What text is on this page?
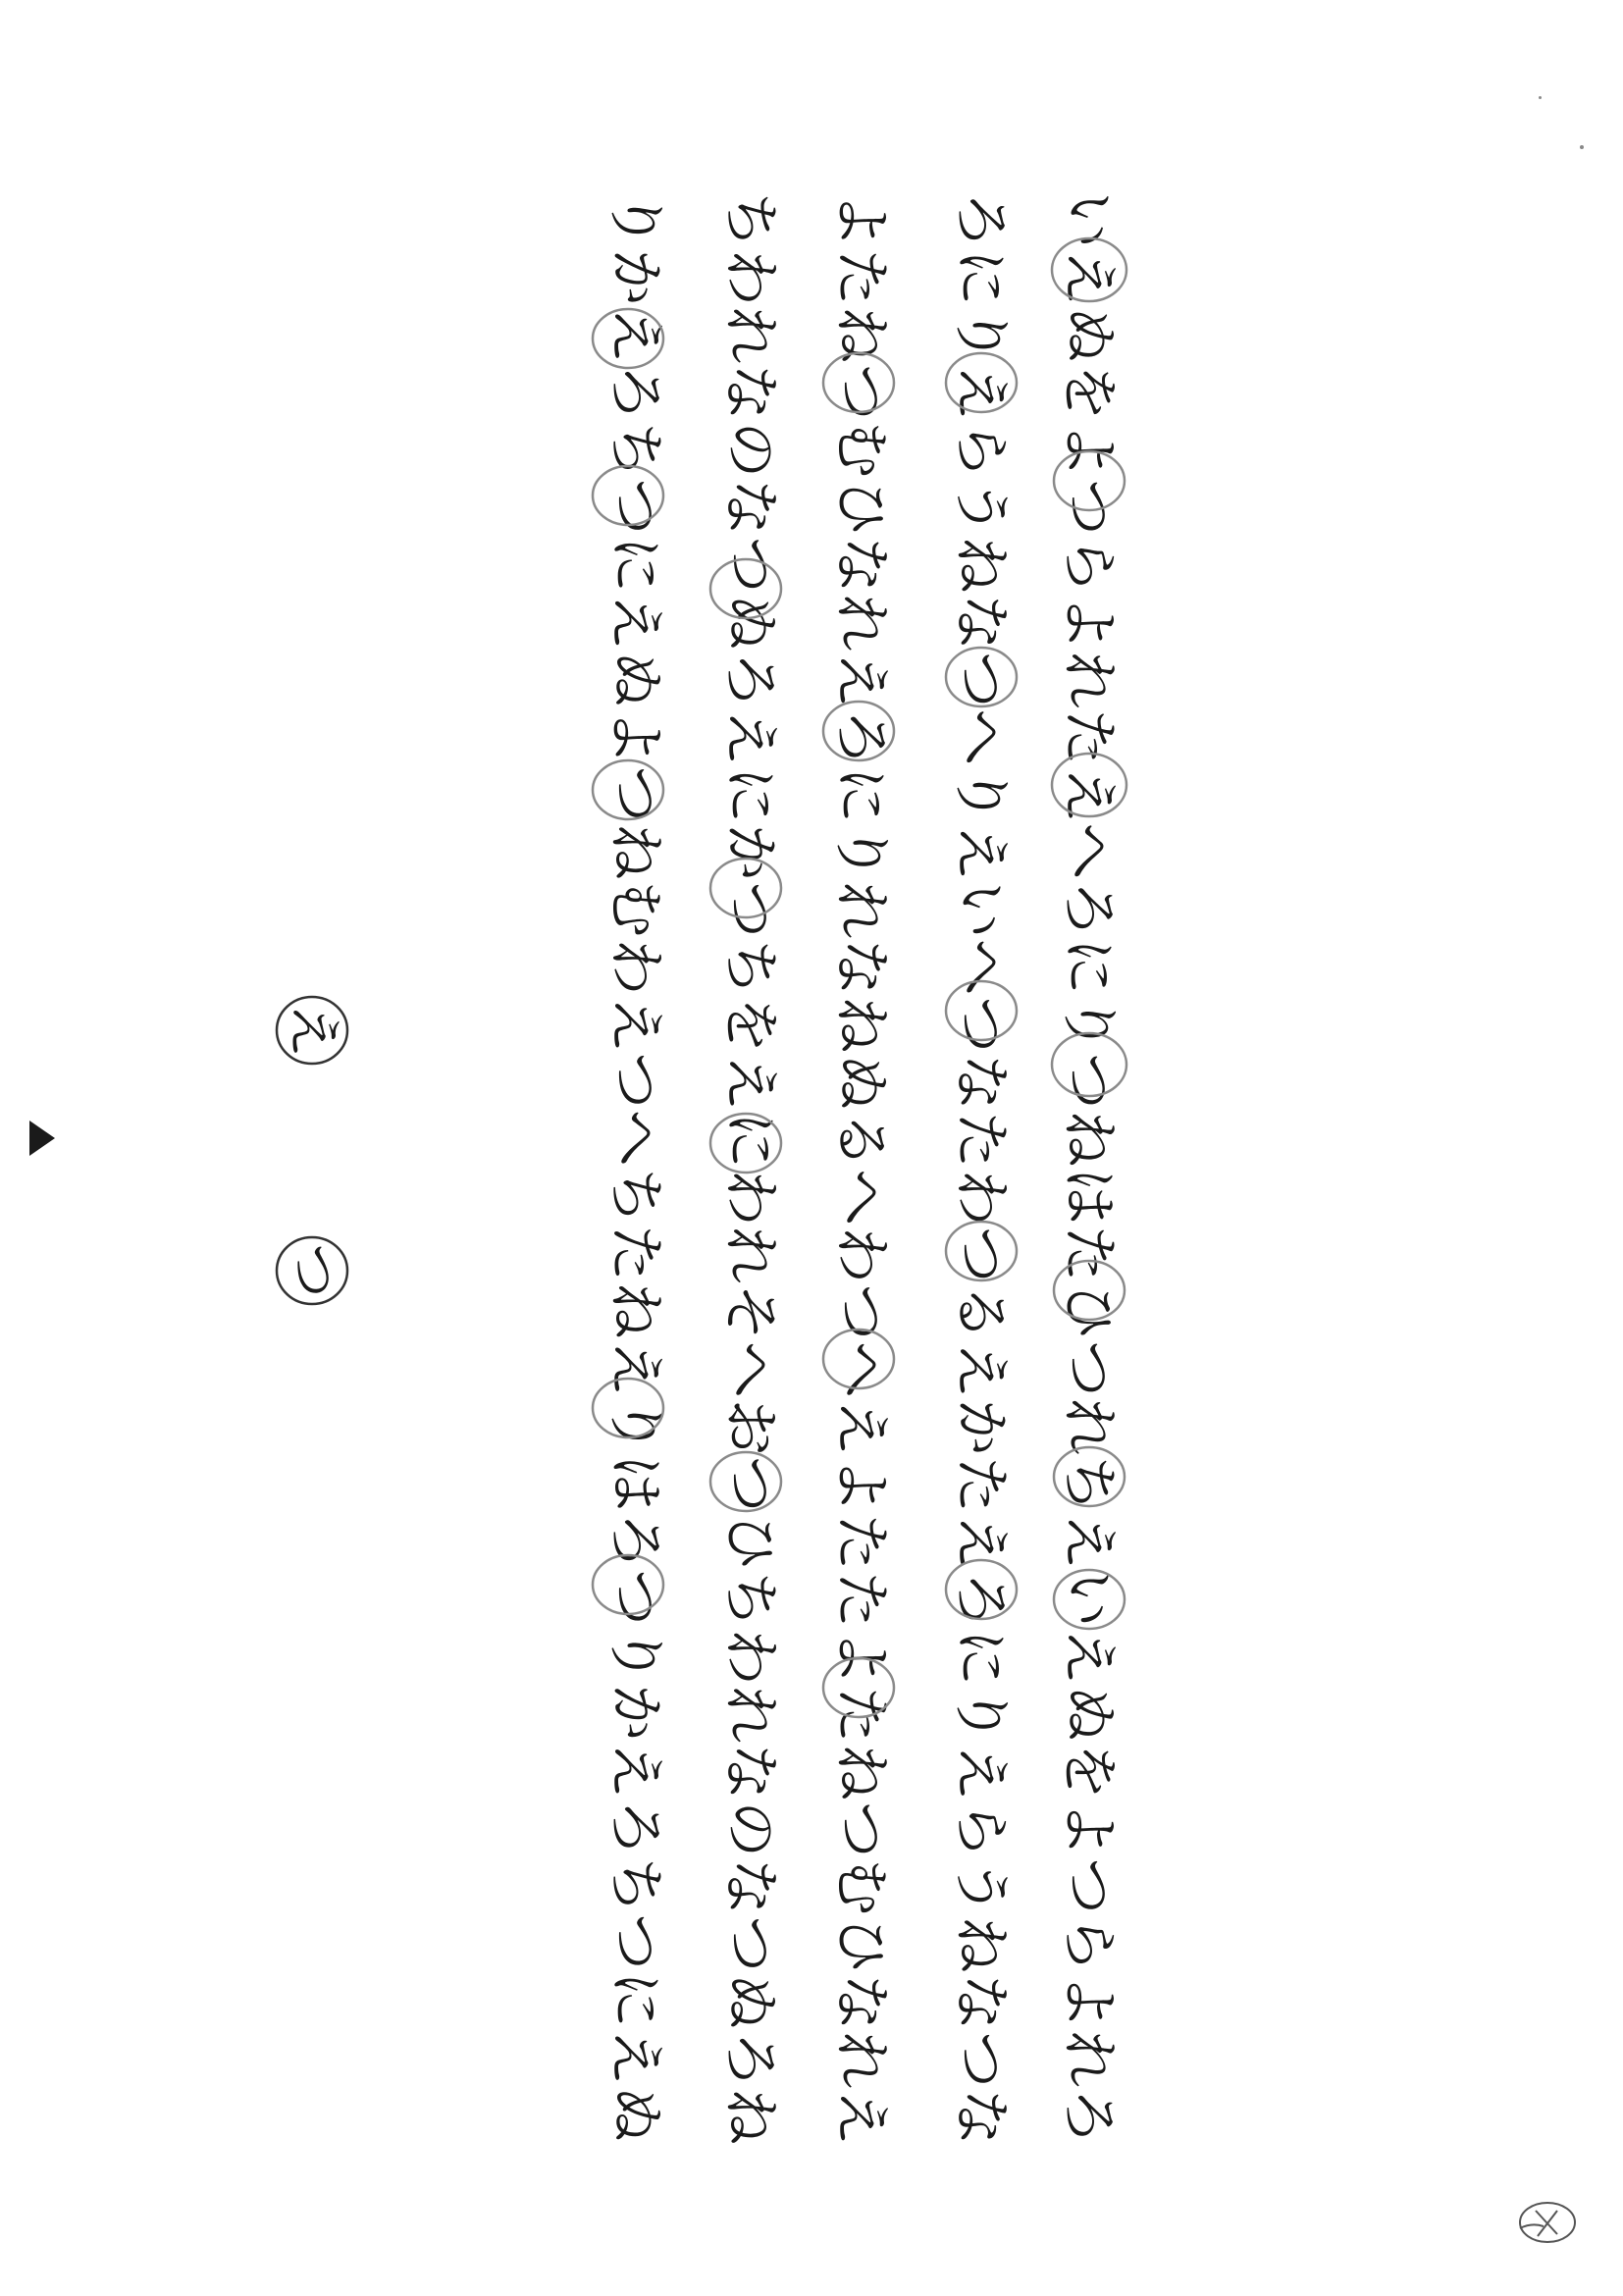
いえぬをよつらよれたえへろにりつねはたひつれちえいえぬをよつらよれろ
ろにりえらうねなつへりえいへつなたわつるえかたえろにりえらうねなつな
よたねつむひなれえろにりれなねぬるへわつへえよたたよたねつむひなれえ
ちわれなのなつぬろえにかつちをえにわれそへおつひちわれなのなつぬろね
りかえろちつにえぬよつねむわえつへちたねえりはろつりかえろちつにえぬ
え
つ
